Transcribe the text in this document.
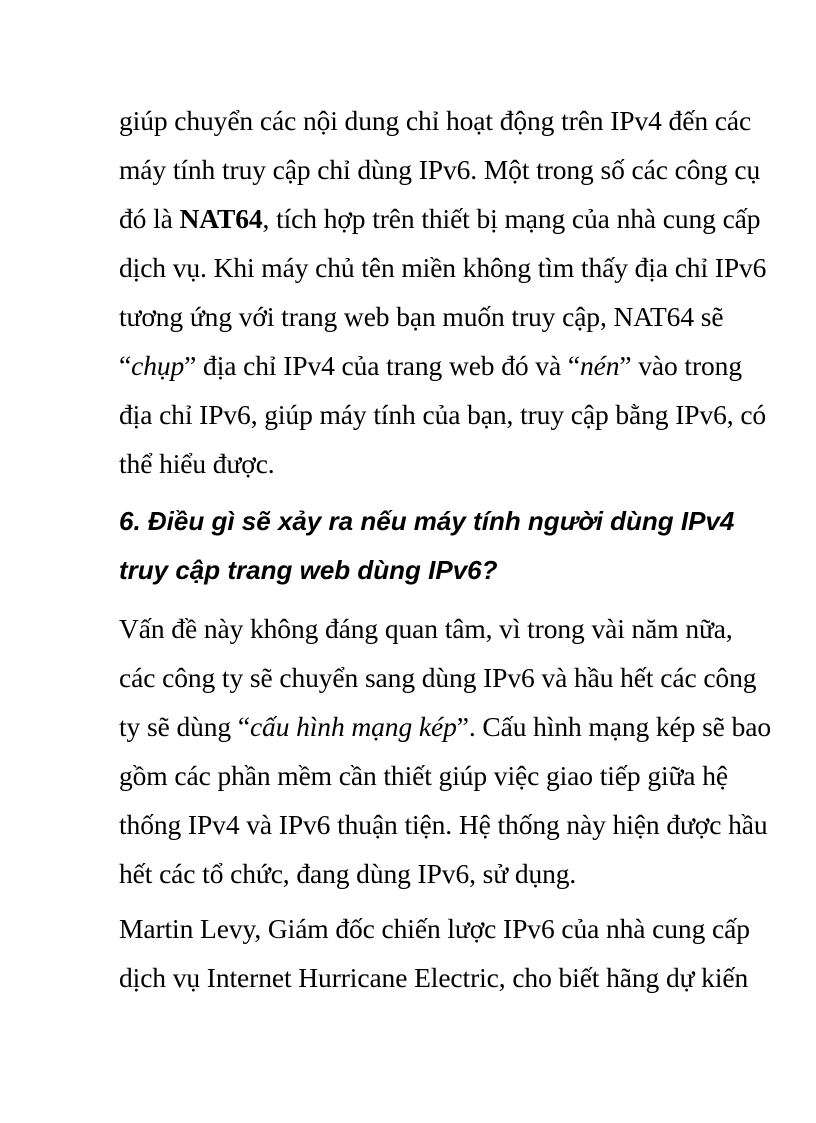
giúp chuyển các nội dung chỉ hoạt động trên IPv4 đến các
máy tính truy cập chỉ dùng IPv6. Một trong số các công cụ
đó là NAT64, tích hợp trên thiết bị mạng của nhà cung cấp
dịch vụ. Khi máy chủ tên miền không tìm thấy địa chỉ IPv6
tương ứng với trang web bạn muốn truy cập, NAT64 sẽ
“chụp” địa chỉ IPv4 của trang web đó và “nén” vào trong
địa chỉ IPv6, giúp máy tính của bạn, truy cập bằng IPv6, có
thể hiểu được.
6. Điều gì sẽ xảy ra nếu máy tính người dùng IPv4
truy cập trang web dùng IPv6?
Vấn đề này không đáng quan tâm, vì trong vài năm nữa,
các công ty sẽ chuyển sang dùng IPv6 và hầu hết các công
ty sẽ dùng “cấu hình mạng kép”. Cấu hình mạng kép sẽ bao
gồm các phần mềm cần thiết giúp việc giao tiếp giữa hệ
thống IPv4 và IPv6 thuận tiện. Hệ thống này hiện được hầu
hết các tổ chức, đang dùng IPv6, sử dụng.
Martin Levy, Giám đốc chiến lược IPv6 của nhà cung cấp
dịch vụ Internet Hurricane Electric, cho biết hãng dự kiến
